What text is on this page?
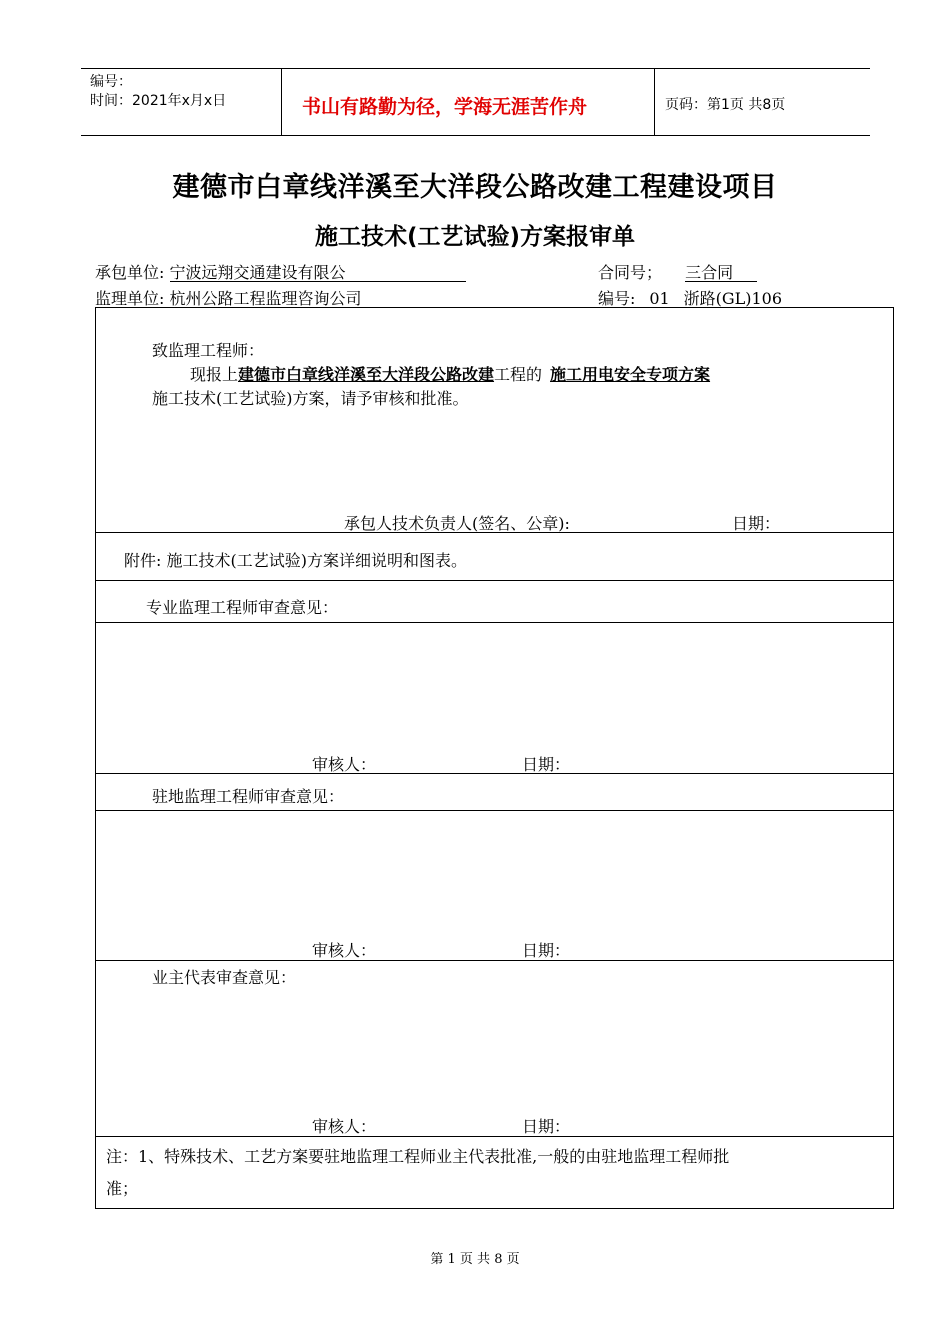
编号：
时间：2021年x月x日	书山有路勤为径，学海无涯苦作舟	页码：第1页 共8页
建德市白章线洋溪至大洋段公路改建工程建设项目
施工技术(工艺试验)方案报审单
承包单位: 宁波远翔交通建设有限公
监理单位: 杭州公路工程监理咨询公司
合同号； 三合同
编号: 01 浙路(GL)106
致监理工程师：
现报上建德市白章线洋溪至大洋段公路改建工程的 施工用电安全专项方案
施工技术(工艺试验)方案，请予审核和批准。
承包人技术负责人(签名、公章):	日期：
附件: 施工技术(工艺试验)方案详细说明和图表。
专业监理工程师审查意见：
审核人：	日期：
驻地监理工程师审查意见：
审核人：	日期：
业主代表审查意见：
审核人：	日期：
注：1、特殊技术、工艺方案要驻地监理工程师业主代表批准,一般的由驻地监理工程师批
准；
第 1 页 共 8 页
